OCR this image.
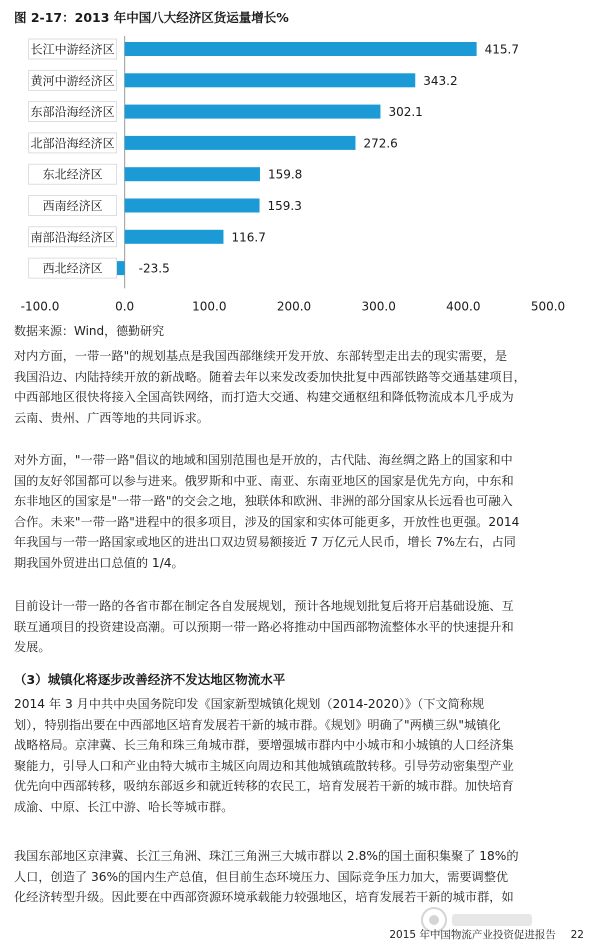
图 2-17：2013 年中国八大经济区货运量增长%
长江中游经济区	415.7
黄河中游经济区	343.2
东部沿海经济区	302.1
北部沿海经济区	272.6
东北经济区	159.8
西南经济区	159.3
南部沿海经济区	116.7
西北经济区	-23.5
-100.0	0.0	100.0	200.0	300.0	400.0	500.0
数据来源：Wind，德勤研究
对内方面，一带一路"的规划基点是我国西部继续开发开放、东部转型走出去的现实需要，是
我国沿边、内陆持续开放的新战略。随着去年以来发改委加快批复中西部铁路等交通基建项目，
中西部地区很快将接入全国高铁网络，而打造大交通、构建交通枢纽和降低物流成本几乎成为
云南、贵州、广西等地的共同诉求。
对外方面，"一带一路"倡议的地域和国别范围也是开放的，古代陆、海丝绸之路上的国家和中
国的友好邻国都可以参与进来。俄罗斯和中亚、南亚、东南亚地区的国家是优先方向，中东和
东非地区的国家是"一带一路"的交会之地，独联体和欧洲、非洲的部分国家从长远看也可融入
合作。未来"一带一路"进程中的很多项目，涉及的国家和实体可能更多，开放性也更强。2014
年我国与一带一路国家或地区的进出口双边贸易额接近 7 万亿元人民币，增长 7%左右，占同
期我国外贸进出口总值的 1/4。
目前设计一带一路的各省市都在制定各自发展规划，预计各地规划批复后将开启基础设施、互
联互通项目的投资建设高潮。可以预期一带一路必将推动中国西部物流整体水平的快速提升和
发展。
（3）城镇化将逐步改善经济不发达地区物流水平
2014 年 3 月中共中央国务院印发《国家新型城镇化规划（2014-2020）》（下文简称规
划），特别指出要在中西部地区培育发展若干新的城市群。《规划》明确了"两横三纵"城镇化
战略格局。京津冀、长三角和珠三角城市群，要增强城市群内中小城市和小城镇的人口经济集
聚能力，引导人口和产业由特大城市主城区向周边和其他城镇疏散转移。引导劳动密集型产业
优先向中西部转移，吸纳东部返乡和就近转移的农民工，培育发展若干新的城市群。加快培育
成渝、中原、长江中游、哈长等城市群。
我国东部地区京津冀、长江三角洲、珠江三角洲三大城市群以 2.8%的国土面积集聚了 18%的
人口，创造了 36%的国内生产总值，但目前生态环境压力、国际竞争压力加大，需要调整优
化经济转型升级。因此要在中西部资源环境承载能力较强地区，培育发展若干新的城市群，如
2015 年中国物流产业投资促进报告 22
